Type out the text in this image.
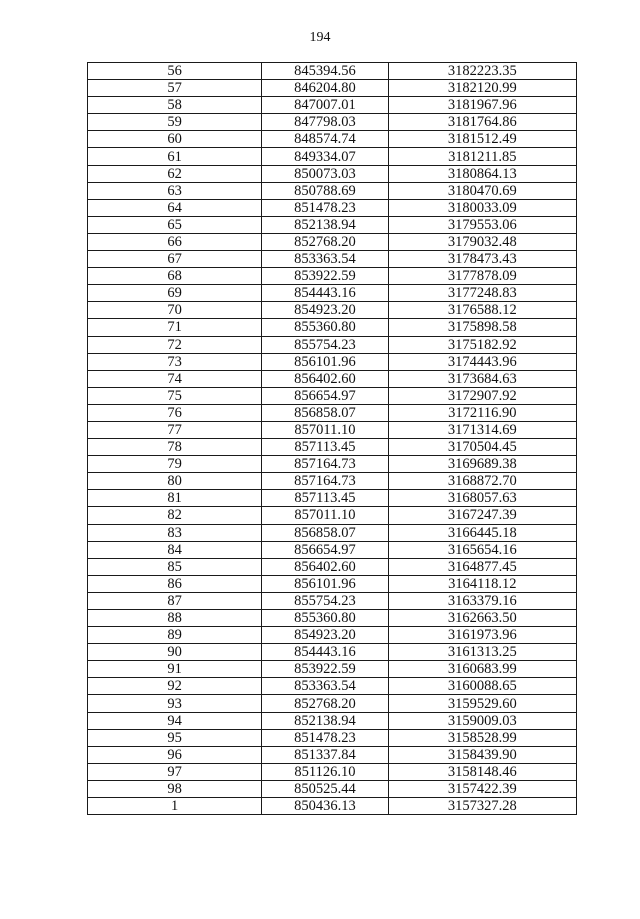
194
56	845394.56	3182223.35
57	846204.80	3182120.99
58	847007.01	3181967.96
59	847798.03	3181764.86
60	848574.74	3181512.49
61	849334.07	3181211.85
62	850073.03	3180864.13
63	850788.69	3180470.69
64	851478.23	3180033.09
65	852138.94	3179553.06
66	852768.20	3179032.48
67	853363.54	3178473.43
68	853922.59	3177878.09
69	854443.16	3177248.83
70	854923.20	3176588.12
71	855360.80	3175898.58
72	855754.23	3175182.92
73	856101.96	3174443.96
74	856402.60	3173684.63
75	856654.97	3172907.92
76	856858.07	3172116.90
77	857011.10	3171314.69
78	857113.45	3170504.45
79	857164.73	3169689.38
80	857164.73	3168872.70
81	857113.45	3168057.63
82	857011.10	3167247.39
83	856858.07	3166445.18
84	856654.97	3165654.16
85	856402.60	3164877.45
86	856101.96	3164118.12
87	855754.23	3163379.16
88	855360.80	3162663.50
89	854923.20	3161973.96
90	854443.16	3161313.25
91	853922.59	3160683.99
92	853363.54	3160088.65
93	852768.20	3159529.60
94	852138.94	3159009.03
95	851478.23	3158528.99
96	851337.84	3158439.90
97	851126.10	3158148.46
98	850525.44	3157422.39
1	850436.13	3157327.28
